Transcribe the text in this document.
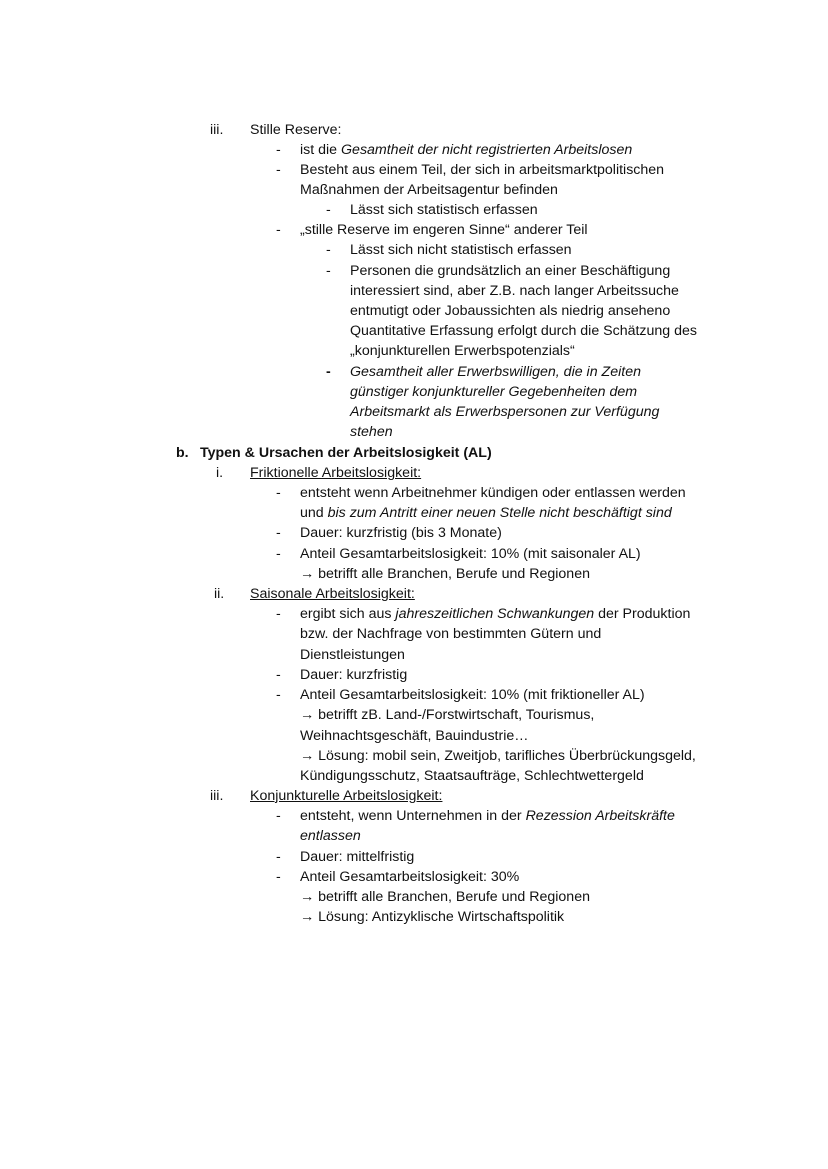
iii. Stille Reserve:
- ist die Gesamtheit der nicht registrierten Arbeitslosen
- Besteht aus einem Teil, der sich in arbeitsmarktpolitischen
Maßnahmen der Arbeitsagentur befinden
- Lässt sich statistisch erfassen
- „stille Reserve im engeren Sinne“ anderer Teil
- Lässt sich nicht statistisch erfassen
- Personen die grundsätzlich an einer Beschäftigung
interessiert sind, aber Z.B. nach langer Arbeitssuche
entmutigt oder Jobaussichten als niedrig anseheno
Quantitative Erfassung erfolgt durch die Schätzung des
„konjunkturellen Erwerbspotenzials“
- Gesamtheit aller Erwerbswilligen, die in Zeiten
günstiger konjunktureller Gegebenheiten dem
Arbeitsmarkt als Erwerbspersonen zur Verfügung
stehen
b. Typen & Ursachen der Arbeitslosigkeit (AL)
i. Friktionelle Arbeitslosigkeit:
- entsteht wenn Arbeitnehmer kündigen oder entlassen werden
und bis zum Antritt einer neuen Stelle nicht beschäftigt sind
- Dauer: kurzfristig (bis 3 Monate)
- Anteil Gesamtarbeitslosigkeit: 10% (mit saisonaler AL)
→ betrifft alle Branchen, Berufe und Regionen
ii. Saisonale Arbeitslosigkeit:
- ergibt sich aus jahreszeitlichen Schwankungen der Produktion
bzw. der Nachfrage von bestimmten Gütern und
Dienstleistungen
- Dauer: kurzfristig
- Anteil Gesamtarbeitslosigkeit: 10% (mit friktioneller AL)
→ betrifft zB. Land-/Forstwirtschaft, Tourismus,
Weihnachtsgeschäft, Bauindustrie…
→ Lösung: mobil sein, Zweitjob, tarifliches Überbrückungsgeld,
Kündigungsschutz, Staatsaufträge, Schlechtwettergeld
iii. Konjunkturelle Arbeitslosigkeit:
- entsteht, wenn Unternehmen in der Rezession Arbeitskräfte
entlassen
- Dauer: mittelfristig
- Anteil Gesamtarbeitslosigkeit: 30%
→ betrifft alle Branchen, Berufe und Regionen
→ Lösung: Antizyklische Wirtschaftspolitik
